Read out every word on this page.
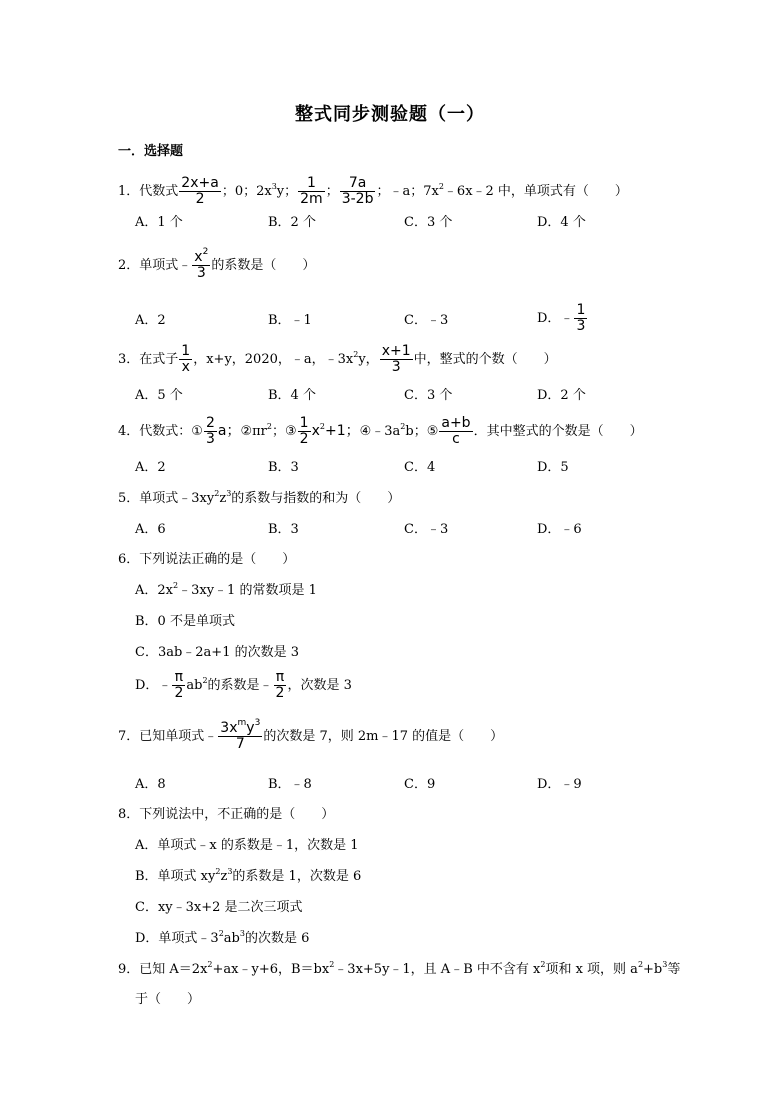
整式同步测验题（一）
一．选择题
1．代数式 $\frac{2x+a}{2}$ ；0；$2x^3y$； $\frac{1}{2m}$ ； $\frac{7a}{3-2b}$ ；﹣a；$7x^2﹣6x﹣2$ 中，单项式有（　　）
A．1 个	B．2 个	C．3 个	D．4 个
2．单项式﹣ $\frac{x^2}{3}$ 的系数是（　　）
A．2	B．﹣1	C．﹣3	D．﹣ $\frac{1}{3}$
3．在式子 $\frac{1}{x}$ ，x+y，2020，﹣a，$﹣3x^2y$， $\frac{x+1}{3}$ 中，整式的个数（　　）
A．5 个	B．4 个	C．3 个	D．2 个
4．代数式：① $\frac{2}{3}$ a；$②\pi r^2$；③ $\frac{1}{2} x^2+1$；$④﹣3a^2b$；⑤ $\frac{a+b}{c}$ ．其中整式的个数是（　　）
A．2	B．3	C．4	D．5
5．单项式$﹣3xy^2z^3$的系数与指数的和为（　　）
A．6	B．3	C．﹣3	D．﹣6
6．下列说法正确的是（　　）
A．$2x^2﹣3xy﹣1$ 的常数项是 1
B．0 不是单项式
C．3ab﹣2a+1 的次数是 3
D．﹣ $\frac{\pi}{2} ab^2$的系数是﹣ $\frac{\pi}{2}$ ，次数是 3
7．已知单项式﹣ $\frac{3x^my^3}{7}$ 的次数是 7，则 2m﹣17 的值是（　　）
A．8	B．﹣8	C．9	D．﹣9
8．下列说法中，不正确的是（　　）
A．单项式﹣x 的系数是﹣1，次数是 1
B．单项式 $xy^2z^3$的系数是 1，次数是 6
C．xy﹣3x+2 是二次三项式
D．单项式$﹣3^2ab^3$的次数是 6
9．已知 $A=2x^2+ax﹣y+6$，$B=bx^2﹣3x+5y﹣1$，且 A﹣B 中不含有 $x^2$项和 x 项，则 $a^2+b^3$等
于（　　）
